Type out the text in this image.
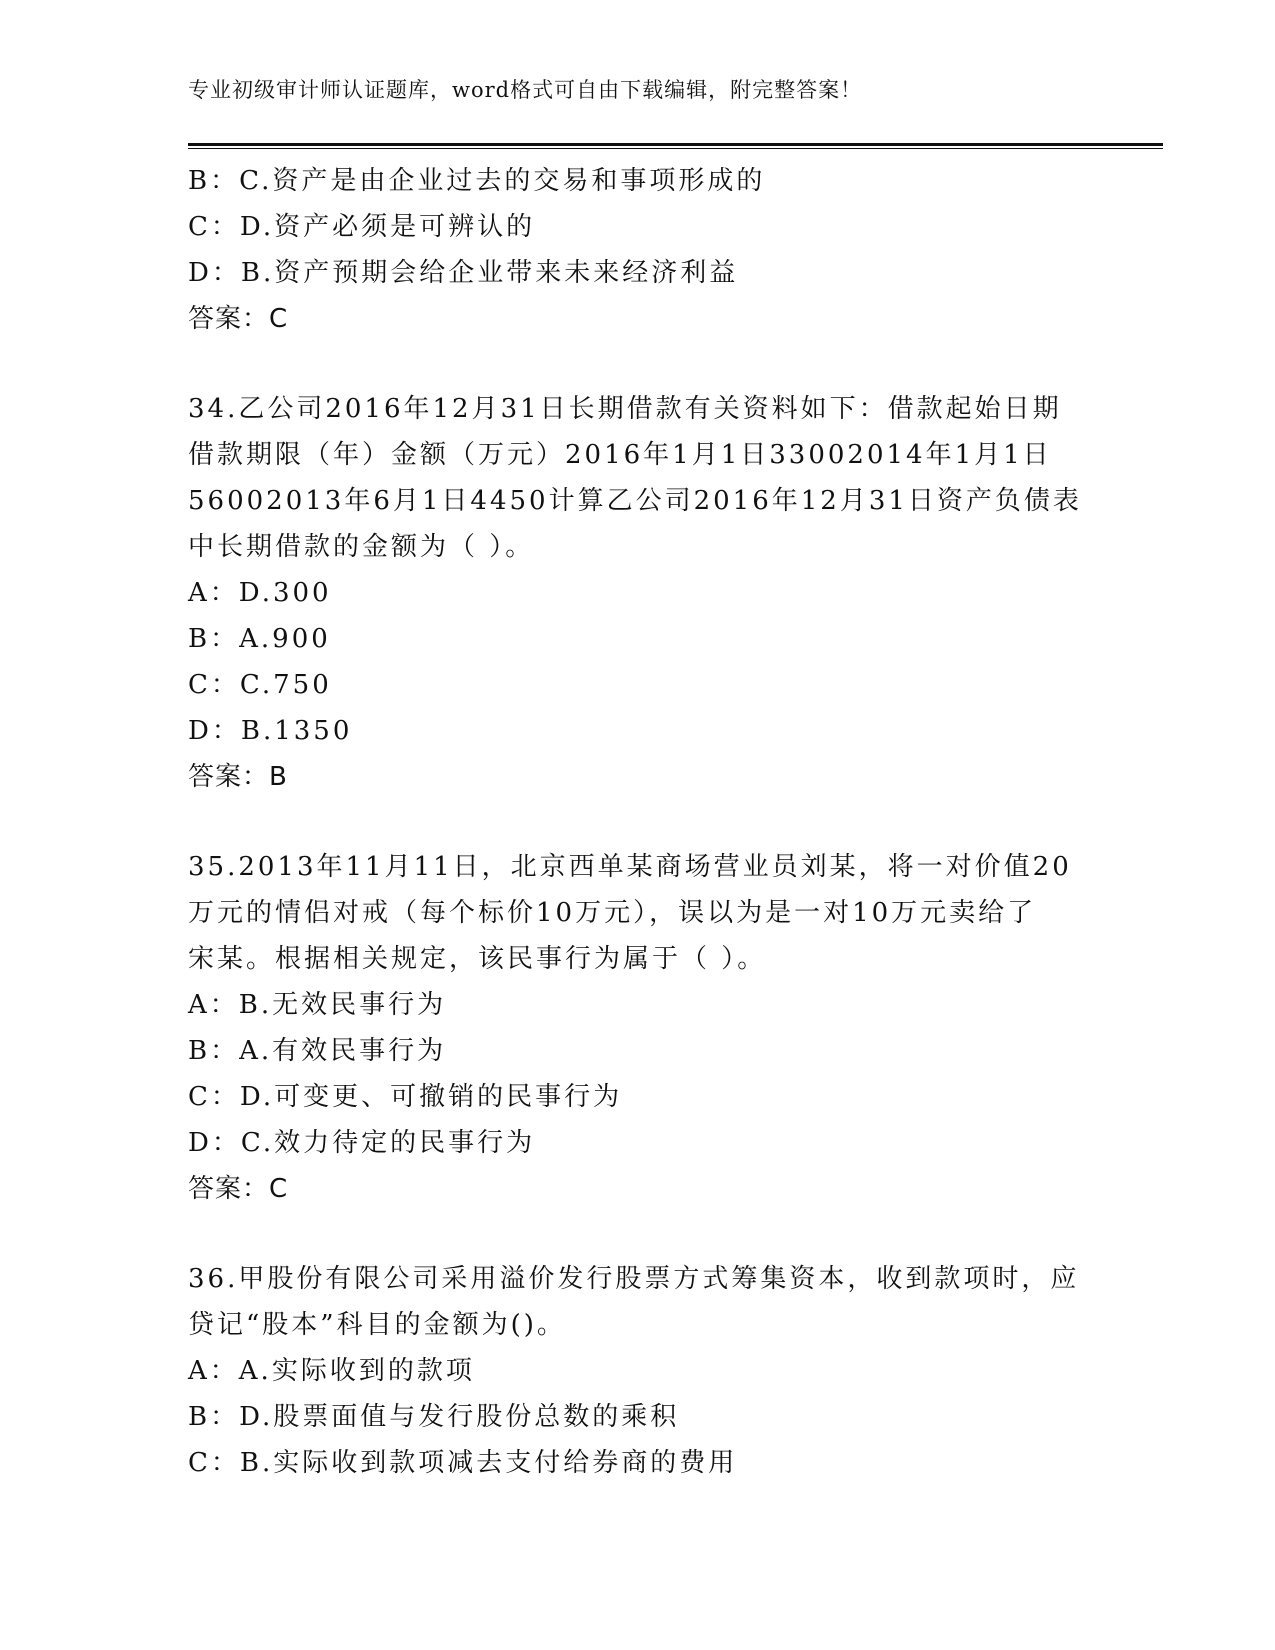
专业初级审计师认证题库，word格式可自由下载编辑，附完整答案！
B：C.资产是由企业过去的交易和事项形成的
C：D.资产必须是可辨认的
D：B.资产预期会给企业带来未来经济利益
答案：C
34.乙公司2016年12月31日长期借款有关资料如下：借款起始日期
借款期限（年）金额（万元）2016年1月1日33002014年1月1日
56002013年6月1日4450计算乙公司2016年12月31日资产负债表
中长期借款的金额为（ ）。
A：D.300
B：A.900
C：C.750
D：B.1350
答案：B
35.2013年11月11日，北京西单某商场营业员刘某，将一对价值20
万元的情侣对戒（每个标价10万元），误以为是一对10万元卖给了
宋某。根据相关规定，该民事行为属于（ ）。
A：B.无效民事行为
B：A.有效民事行为
C：D.可变更、可撤销的民事行为
D：C.效力待定的民事行为
答案：C
36.甲股份有限公司采用溢价发行股票方式筹集资本，收到款项时，应
贷记“股本”科目的金额为()。
A：A.实际收到的款项
B：D.股票面值与发行股份总数的乘积
C：B.实际收到款项减去支付给券商的费用
